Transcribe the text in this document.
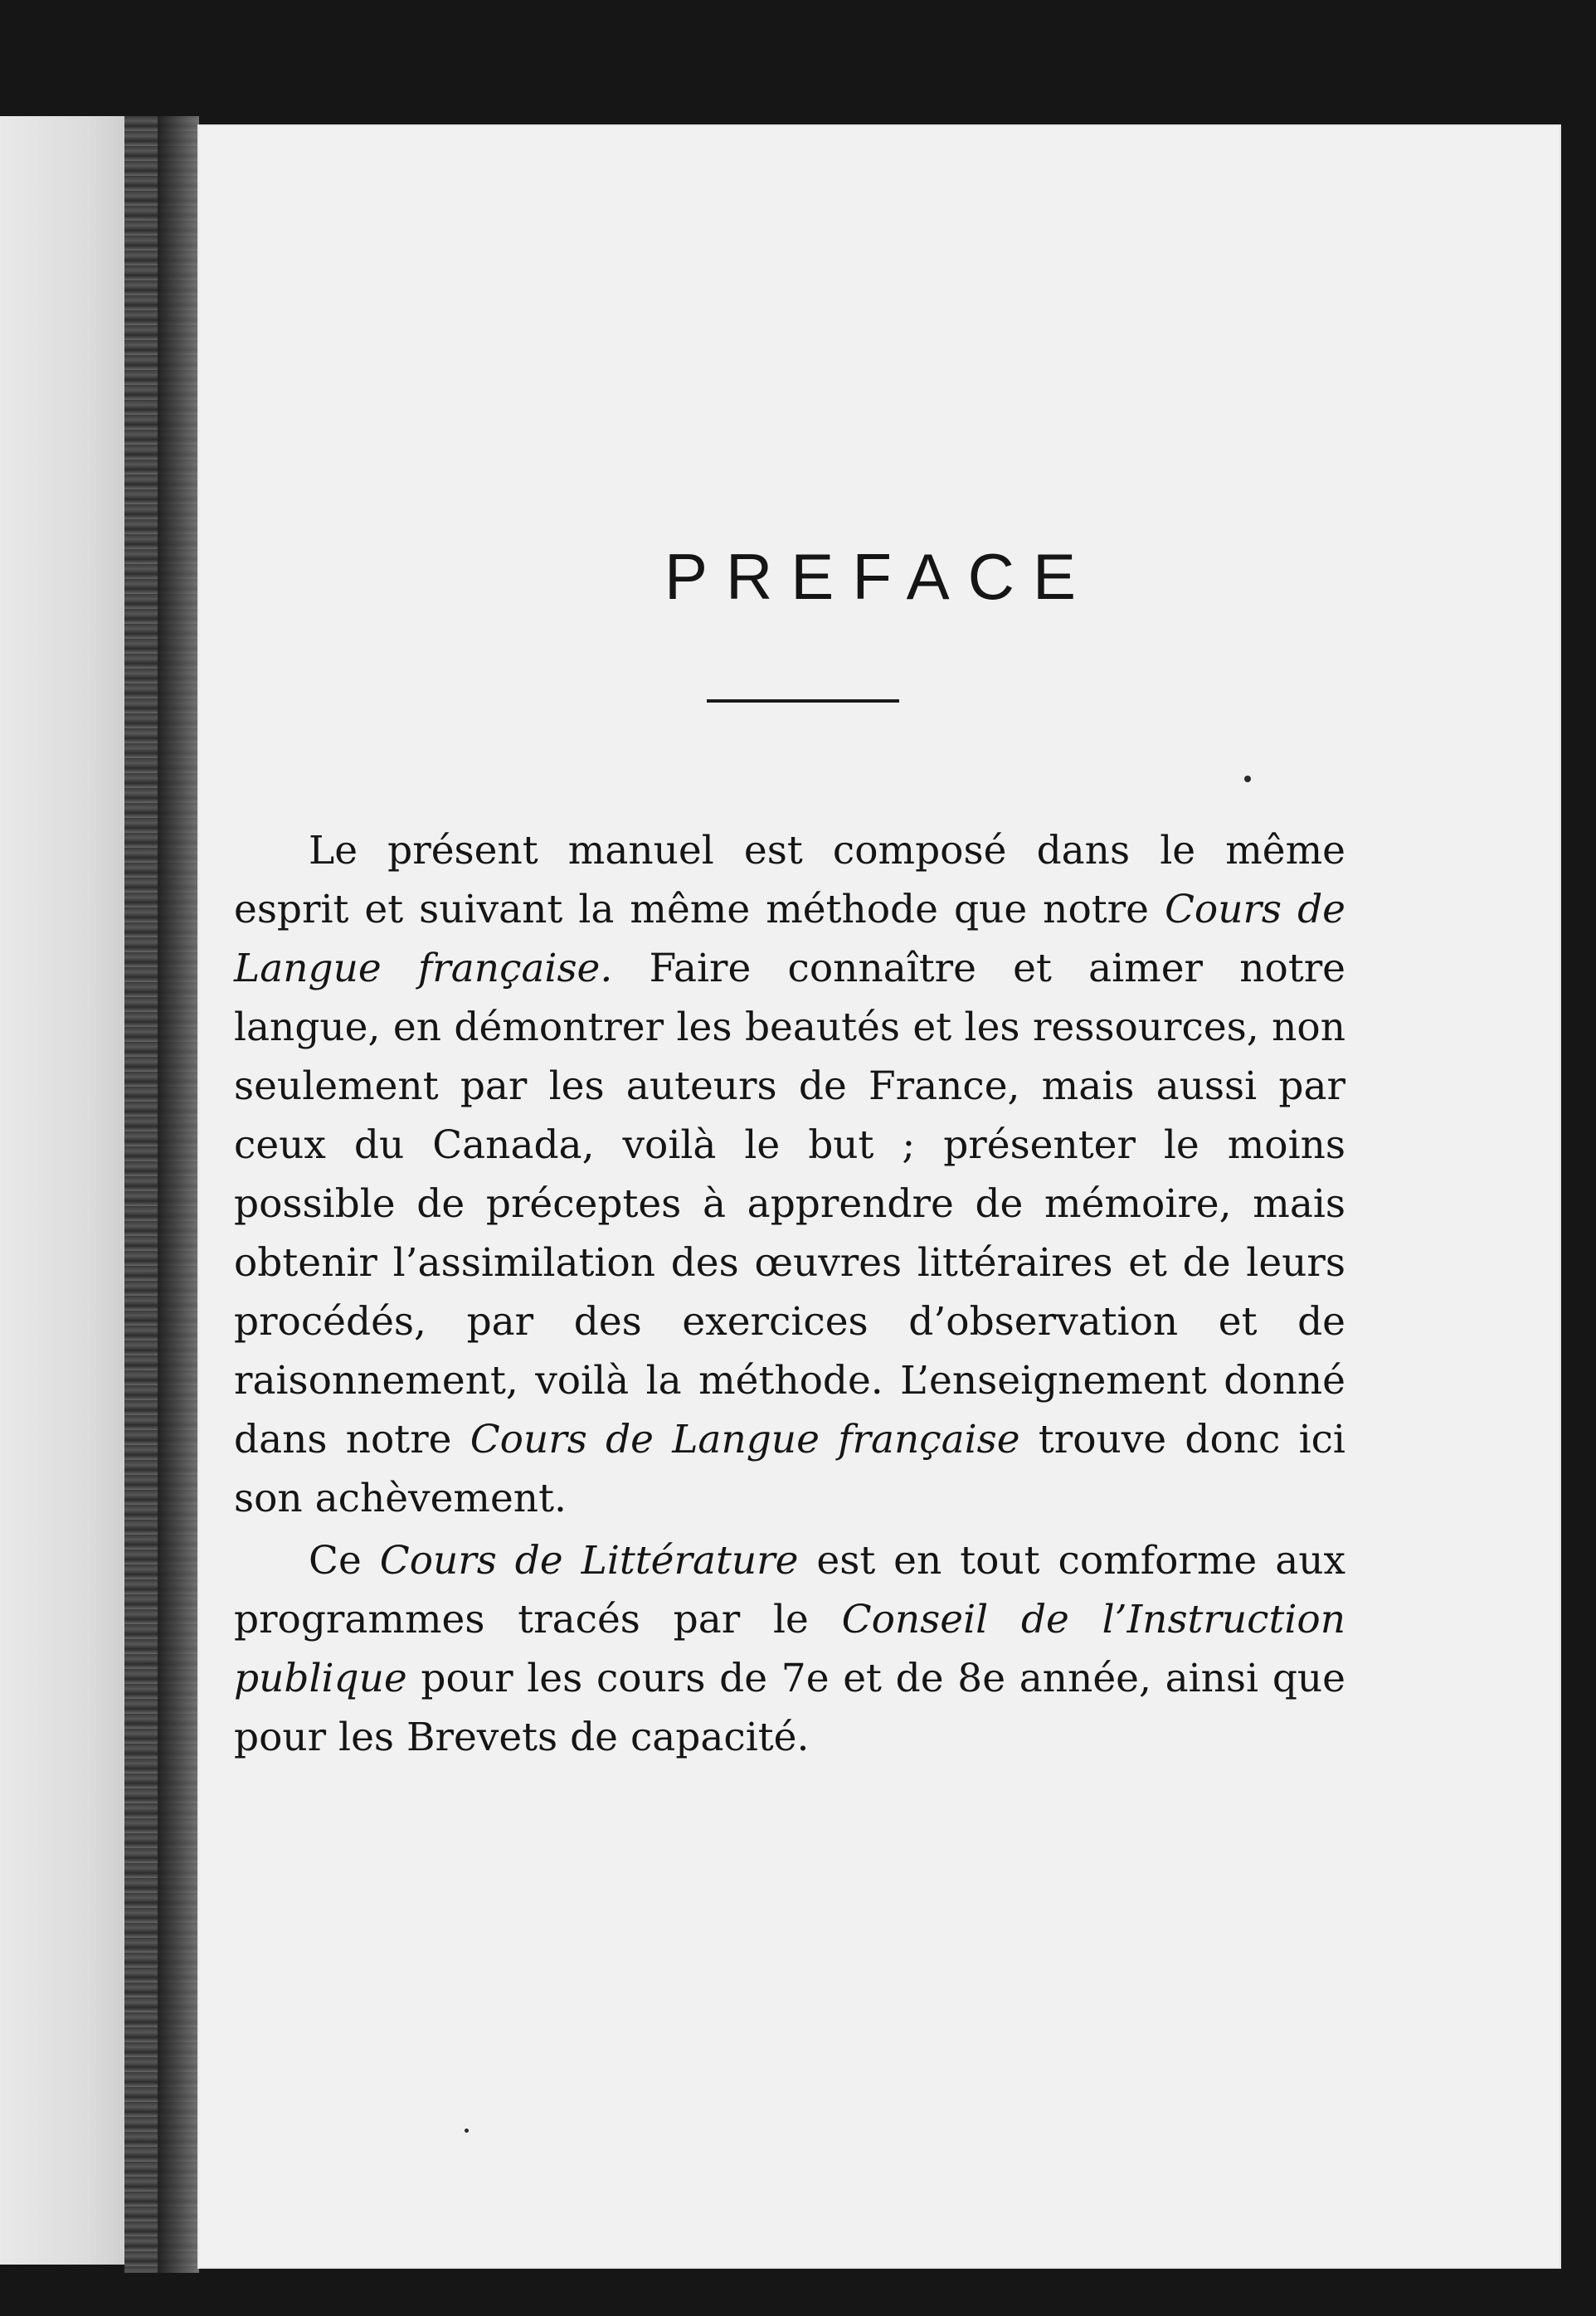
PREFACE

Le présent manuel est composé dans le même esprit et suivant la même méthode que notre Cours de Langue française. Faire connaître et aimer notre langue, en démontrer les beautés et les ressources, non seulement par les auteurs de France, mais aussi par ceux du Canada, voilà le but ; présenter le moins possible de préceptes à apprendre de mémoire, mais obtenir l’assimilation des œuvres littéraires et de leurs procédés, par des exercices d’observation et de raisonnement, voilà la méthode. L’enseignement donné dans notre Cours de Langue française trouve donc ici son achèvement.

Ce Cours de Littérature est en tout comforme aux programmes tracés par le Conseil de l’Instruction publique pour les cours de 7e et de 8e année, ainsi que pour les Brevets de capacité.
